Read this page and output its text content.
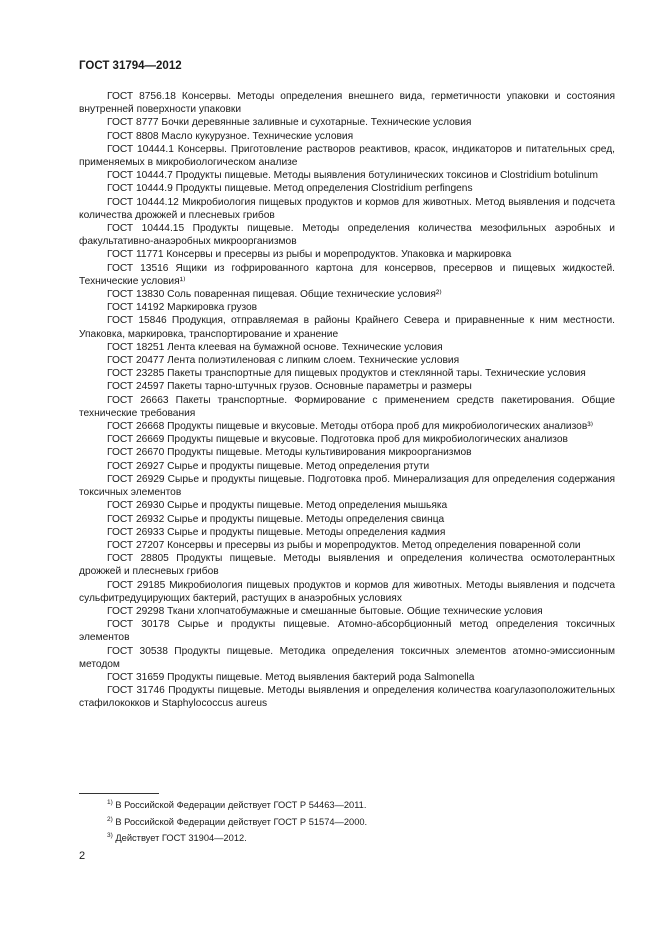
ГОСТ 31794—2012

ГОСТ 8756.18 Консервы. Методы определения внешнего вида, герметичности упаковки и состояния внутренней поверхности упаковки

ГОСТ 8777 Бочки деревянные заливные и сухотарные. Технические условия

ГОСТ 8808 Масло кукурузное. Технические условия

ГОСТ 10444.1 Консервы. Приготовление растворов реактивов, красок, индикаторов и питательных сред, применяемых в микробиологическом анализе

ГОСТ 10444.7 Продукты пищевые. Методы выявления ботулинических токсинов и Clostridium botulinum

ГОСТ 10444.9 Продукты пищевые. Метод определения Clostridium perfingens

ГОСТ 10444.12 Микробиология пищевых продуктов и кормов для животных. Метод выявления и подсчета количества дрожжей и плесневых грибов

ГОСТ 10444.15 Продукты пищевые. Методы определения количества мезофильных аэробных и факультативно-анаэробных микроорганизмов

ГОСТ 11771 Консервы и пресервы из рыбы и морепродуктов. Упаковка и маркировка

ГОСТ 13516 Ящики из гофрированного картона для консервов, пресервов и пищевых жидкостей. Технические условия¹⁾

ГОСТ 13830 Соль поваренная пищевая. Общие технические условия²⁾

ГОСТ 14192 Маркировка грузов

ГОСТ 15846 Продукция, отправляемая в районы Крайнего Севера и приравненные к ним местности. Упаковка, маркировка, транспортирование и хранение

ГОСТ 18251 Лента клеевая на бумажной основе. Технические условия

ГОСТ 20477 Лента полиэтиленовая с липким слоем. Технические условия

ГОСТ 23285 Пакеты транспортные для пищевых продуктов и стеклянной тары. Технические условия

ГОСТ 24597 Пакеты тарно-штучных грузов. Основные параметры и размеры

ГОСТ 26663 Пакеты транспортные. Формирование с применением средств пакетирования. Общие технические требования

ГОСТ 26668 Продукты пищевые и вкусовые. Методы отбора проб для микробиологических анализов³⁾

ГОСТ 26669 Продукты пищевые и вкусовые. Подготовка проб для микробиологических анализов

ГОСТ 26670 Продукты пищевые. Методы культивирования микроорганизмов

ГОСТ 26927 Сырье и продукты пищевые. Метод определения ртути

ГОСТ 26929 Сырье и продукты пищевые. Подготовка проб. Минерализация для определения содержания токсичных элементов

ГОСТ 26930 Сырье и продукты пищевые. Метод определения мышьяка

ГОСТ 26932 Сырье и продукты пищевые. Методы определения свинца

ГОСТ 26933 Сырье и продукты пищевые. Методы определения кадмия

ГОСТ 27207 Консервы и пресервы из рыбы и морепродуктов. Метод определения поваренной соли

ГОСТ 28805 Продукты пищевые. Методы выявления и определения количества осмотолерантных дрожжей и плесневых грибов

ГОСТ 29185 Микробиология пищевых продуктов и кормов для животных. Методы выявления и подсчета сульфитредуцирующих бактерий, растущих в анаэробных условиях

ГОСТ 29298 Ткани хлопчатобумажные и смешанные бытовые. Общие технические условия

ГОСТ 30178 Сырье и продукты пищевые. Атомно-абсорбционный метод определения токсичных элементов

ГОСТ 30538 Продукты пищевые. Методика определения токсичных элементов атомно-эмиссионным методом

ГОСТ 31659 Продукты пищевые. Метод выявления бактерий рода Salmonella

ГОСТ 31746 Продукты пищевые. Методы выявления и определения количества коагулазоположительных стафилококков и Staphylococcus aureus

$^{1)}$ В Российской Федерации действует ГОСТ Р 54463—2011.

$^{2)}$ В Российской Федерации действует ГОСТ Р 51574—2000.

$^{3)}$ Действует ГОСТ 31904—2012.

2
